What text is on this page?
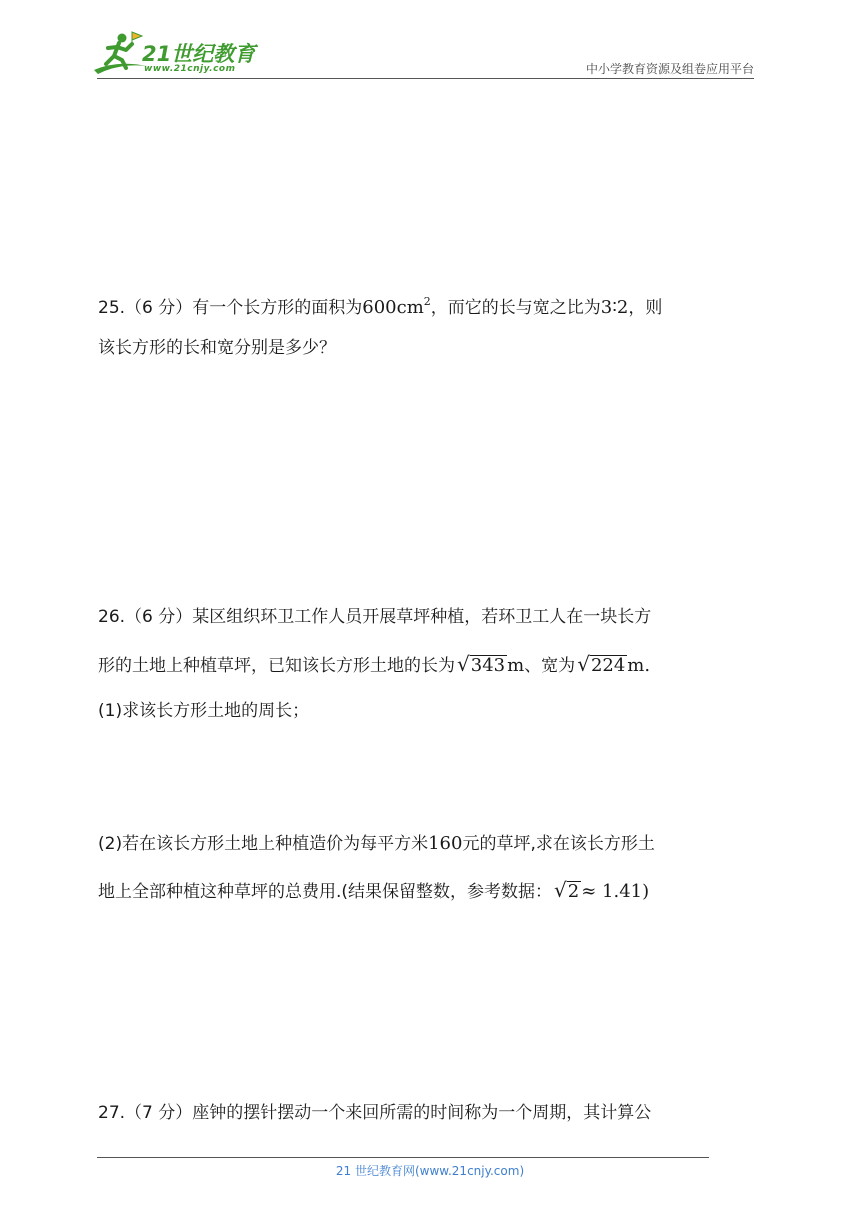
21世纪教育
www.21cnjy.com	中小学教育资源及组卷应用平台
25.（6 分）有一个长方形的面积为$600cm^2$，而它的长与宽之比为3∶2，则
该长方形的长和宽分别是多少？
26.（6 分）某区组织环卫工作人员开展草坪种植，若环卫工人在一块长方
形的土地上种植草坪，已知该长方形土地的长为 √343 m、宽为 √224 m.
(1)求该长方形土地的周长；
(2)若在该长方形土地上种植造价为每平方米160元的草坪,求在该长方形土
地上全部种植这种草坪的总费用.(结果保留整数，参考数据： √2 ≈ 1.41)
27.（7 分）座钟的摆针摆动一个来回所需的时间称为一个周期，其计算公
21 世纪教育网(www.21cnjy.com)
